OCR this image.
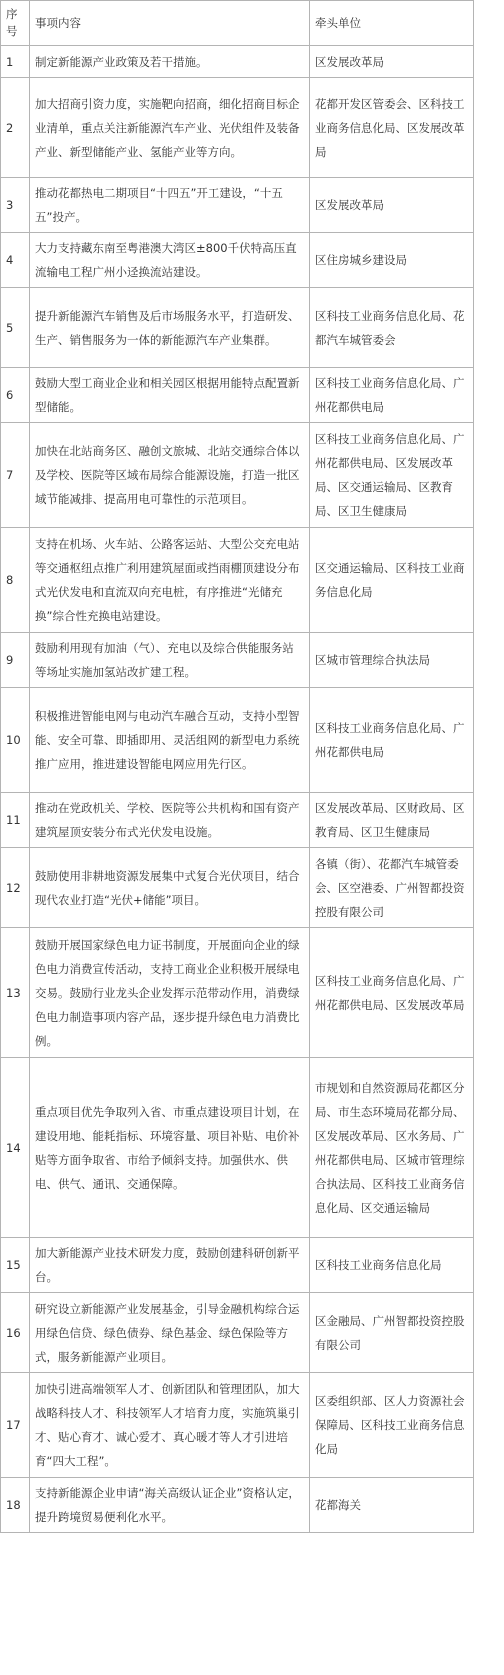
序号	事项内容	牵头单位
1	制定新能源产业政策及若干措施。	区发展改革局
2	加大招商引资力度，实施靶向招商，细化招商目标企业清单，重点关注新能源汽车产业、光伏组件及装备产业、新型储能产业、氢能产业等方向。	花都开发区管委会、区科技工业商务信息化局、区发展改革局
3	推动花都热电二期项目“十四五”开工建设，“十五五”投产。	区发展改革局
4	大力支持藏东南至粤港澳大湾区±800千伏特高压直流输电工程广州小迳换流站建设。	区住房城乡建设局
5	提升新能源汽车销售及后市场服务水平，打造研发、生产、销售服务为一体的新能源汽车产业集群。	区科技工业商务信息化局、花都汽车城管委会
6	鼓励大型工商业企业和相关园区根据用能特点配置新型储能。	区科技工业商务信息化局、广州花都供电局
7	加快在北站商务区、融创文旅城、北站交通综合体以及学校、医院等区域布局综合能源设施，打造一批区域节能减排、提高用电可靠性的示范项目。	区科技工业商务信息化局、广州花都供电局、区发展改革局、区交通运输局、区教育局、区卫生健康局
8	支持在机场、火车站、公路客运站、大型公交充电站等交通枢纽点推广利用建筑屋面或挡雨棚顶建设分布式光伏发电和直流双向充电桩，有序推进“光储充换”综合性充换电站建设。	区交通运输局、区科技工业商务信息化局
9	鼓励利用现有加油（气）、充电以及综合供能服务站等场址实施加氢站改扩建工程。	区城市管理综合执法局
10	积极推进智能电网与电动汽车融合互动，支持小型智能、安全可靠、即插即用、灵活组网的新型电力系统推广应用，推进建设智能电网应用先行区。	区科技工业商务信息化局、广州花都供电局
11	推动在党政机关、学校、医院等公共机构和国有资产建筑屋顶安装分布式光伏发电设施。	区发展改革局、区财政局、区教育局、区卫生健康局
12	鼓励使用非耕地资源发展集中式复合光伏项目，结合现代农业打造“光伏+储能”项目。	各镇（街）、花都汽车城管委会、区空港委、广州智都投资控股有限公司
13	鼓励开展国家绿色电力证书制度，开展面向企业的绿色电力消费宣传活动，支持工商业企业积极开展绿电交易。鼓励行业龙头企业发挥示范带动作用，消费绿色电力制造事项内容产品，逐步提升绿色电力消费比例。	区科技工业商务信息化局、广州花都供电局、区发展改革局
14	重点项目优先争取列入省、市重点建设项目计划，在建设用地、能耗指标、环境容量、项目补贴、电价补贴等方面争取省、市给予倾斜支持。加强供水、供电、供气、通讯、交通保障。	市规划和自然资源局花都区分局、市生态环境局花都分局、区发展改革局、区水务局、广州花都供电局、区城市管理综合执法局、区科技工业商务信息化局、区交通运输局
15	加大新能源产业技术研发力度，鼓励创建科研创新平台。	区科技工业商务信息化局
16	研究设立新能源产业发展基金，引导金融机构综合运用绿色信贷、绿色债券、绿色基金、绿色保险等方式，服务新能源产业项目。	区金融局、广州智都投资控股有限公司
17	加快引进高端领军人才、创新团队和管理团队，加大战略科技人才、科技领军人才培育力度，实施筑巢引才、贴心育才、诚心爱才、真心暖才等人才引进培育“四大工程”。	区委组织部、区人力资源社会保障局、区科技工业商务信息化局
18	支持新能源企业申请“海关高级认证企业”资格认定，提升跨境贸易便利化水平。	花都海关
